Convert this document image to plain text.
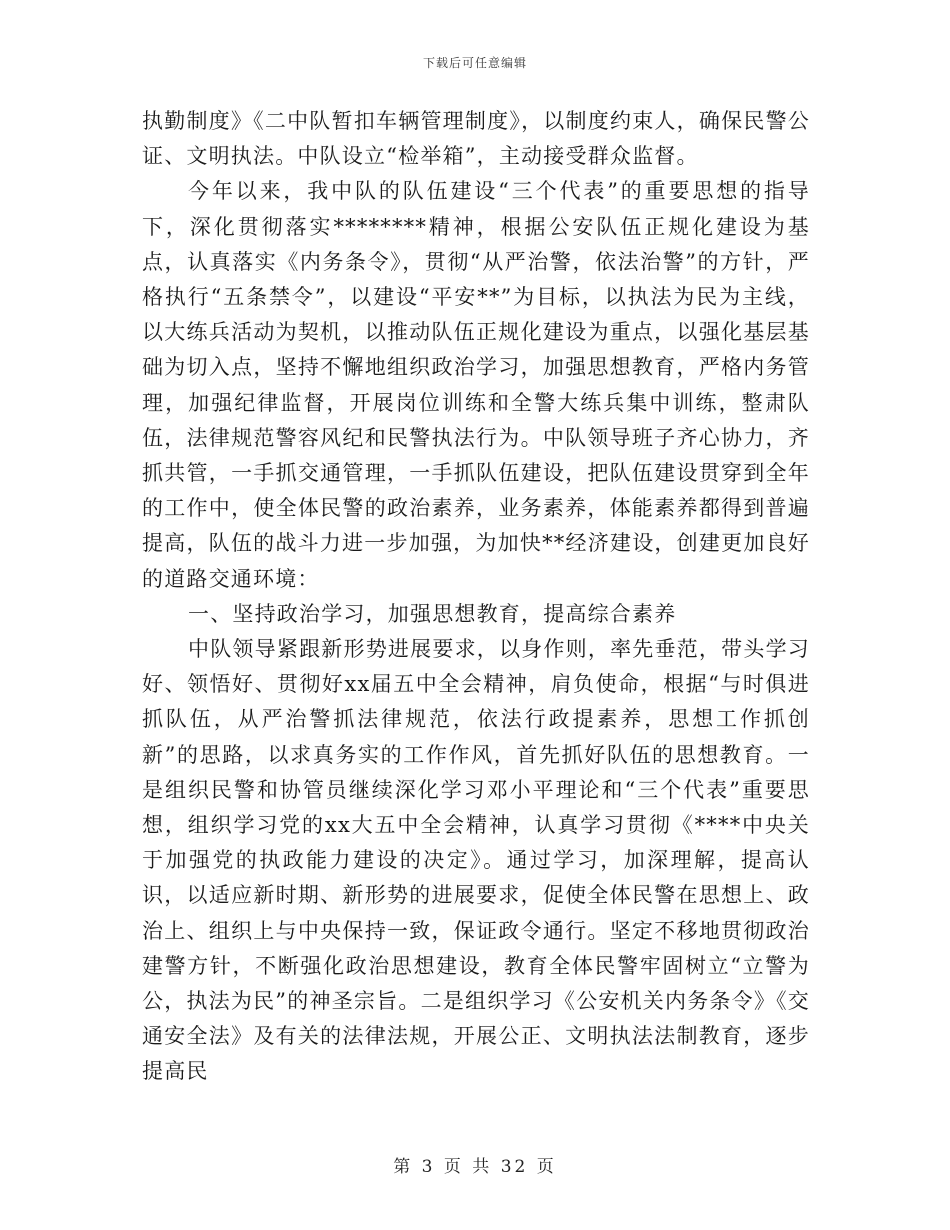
下载后可任意编辑

执勤制度》《二中队暂扣车辆管理制度》，以制度约束人，确保民警公证、文明执法。中队设立“检举箱”，主动接受群众监督。

今年以来，我中队的队伍建设“三个代表”的重要思想的指导下，深化贯彻落实********精神，根据公安队伍正规化建设为基点，认真落实《内务条令》，贯彻“从严治警，依法治警”的方针，严格执行“五条禁令”，以建设“平安**”为目标，以执法为民为主线，以大练兵活动为契机，以推动队伍正规化建设为重点，以强化基层基础为切入点，坚持不懈地组织政治学习，加强思想教育，严格内务管理，加强纪律监督，开展岗位训练和全警大练兵集中训练，整肃队伍，法律规范警容风纪和民警执法行为。中队领导班子齐心协力，齐抓共管，一手抓交通管理，一手抓队伍建设，把队伍建设贯穿到全年的工作中，使全体民警的政治素养，业务素养，体能素养都得到普遍提高，队伍的战斗力进一步加强，为加快**经济建设，创建更加良好的道路交通环境：

一、坚持政治学习，加强思想教育，提高综合素养

中队领导紧跟新形势进展要求，以身作则，率先垂范，带头学习好、领悟好、贯彻好xx届五中全会精神，肩负使命，根据“与时俱进抓队伍，从严治警抓法律规范，依法行政提素养，思想工作抓创新”的思路，以求真务实的工作作风，首先抓好队伍的思想教育。一是组织民警和协管员继续深化学习邓小平理论和“三个代表”重要思想，组织学习党的xx大五中全会精神，认真学习贯彻《****中央关于加强党的执政能力建设的决定》。通过学习，加深理解，提高认识，以适应新时期、新形势的进展要求，促使全体民警在思想上、政治上、组织上与中央保持一致，保证政令通行。坚定不移地贯彻政治建警方针，不断强化政治思想建设，教育全体民警牢固树立“立警为公，执法为民”的神圣宗旨。二是组织学习《公安机关内务条令》《交通安全法》及有关的法律法规，开展公正、文明执法法制教育，逐步提高民

第 3 页 共 32 页
